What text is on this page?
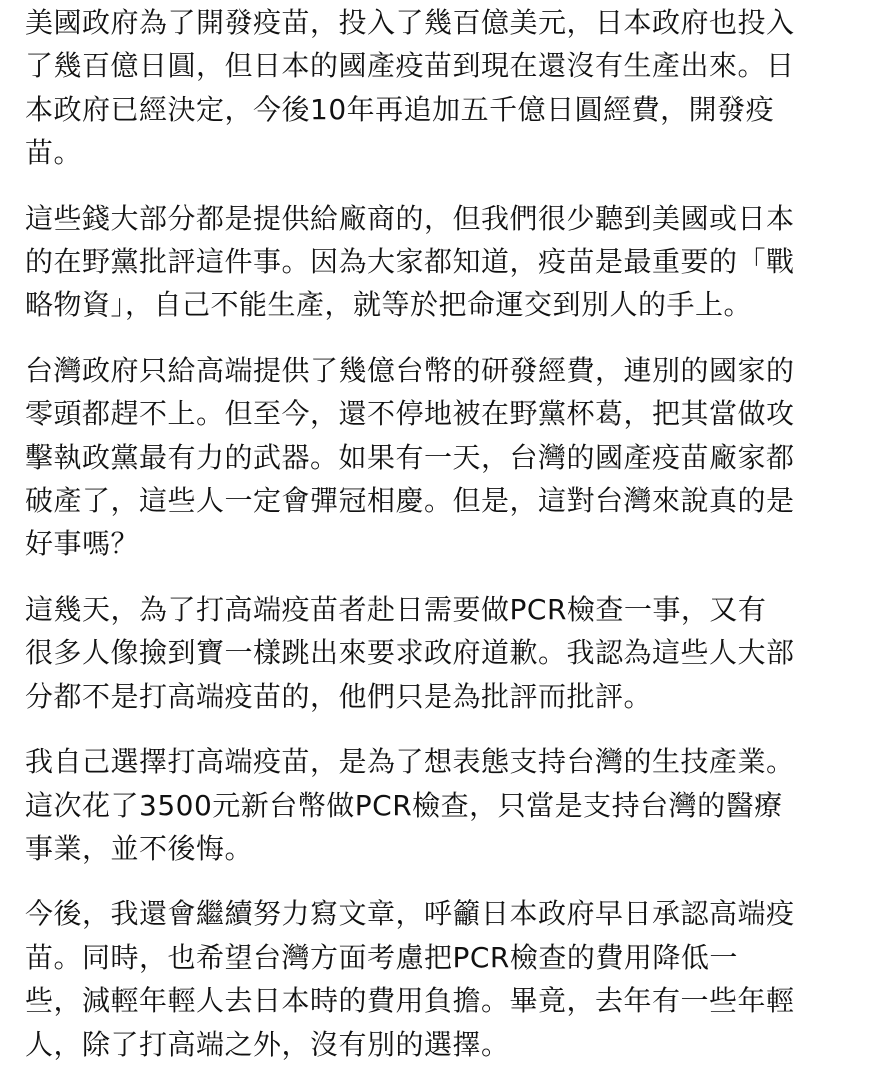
美國政府為了開發疫苗，投入了幾百億美元，日本政府也投入
了幾百億日圓，但日本的國產疫苗到現在還沒有生產出來。日
本政府已經決定，今後10年再追加五千億日圓經費，開發疫
苗。

這些錢大部分都是提供給廠商的，但我們很少聽到美國或日本
的在野黨批評這件事。因為大家都知道，疫苗是最重要的「戰
略物資」，自己不能生產，就等於把命運交到別人的手上。

台灣政府只給高端提供了幾億台幣的研發經費，連別的國家的
零頭都趕不上。但至今，還不停地被在野黨杯葛，把其當做攻
擊執政黨最有力的武器。如果有一天，台灣的國產疫苗廠家都
破產了，這些人一定會彈冠相慶。但是，這對台灣來說真的是
好事嗎？

這幾天，為了打高端疫苗者赴日需要做PCR檢查一事，又有
很多人像撿到寶一樣跳出來要求政府道歉。我認為這些人大部
分都不是打高端疫苗的，他們只是為批評而批評。

我自己選擇打高端疫苗，是為了想表態支持台灣的生技產業。
這次花了3500元新台幣做PCR檢查，只當是支持台灣的醫療
事業，並不後悔。

今後，我還會繼續努力寫文章，呼籲日本政府早日承認高端疫
苗。同時，也希望台灣方面考慮把PCR檢查的費用降低一
些，減輕年輕人去日本時的費用負擔。畢竟，去年有一些年輕
人，除了打高端之外，沒有別的選擇。
